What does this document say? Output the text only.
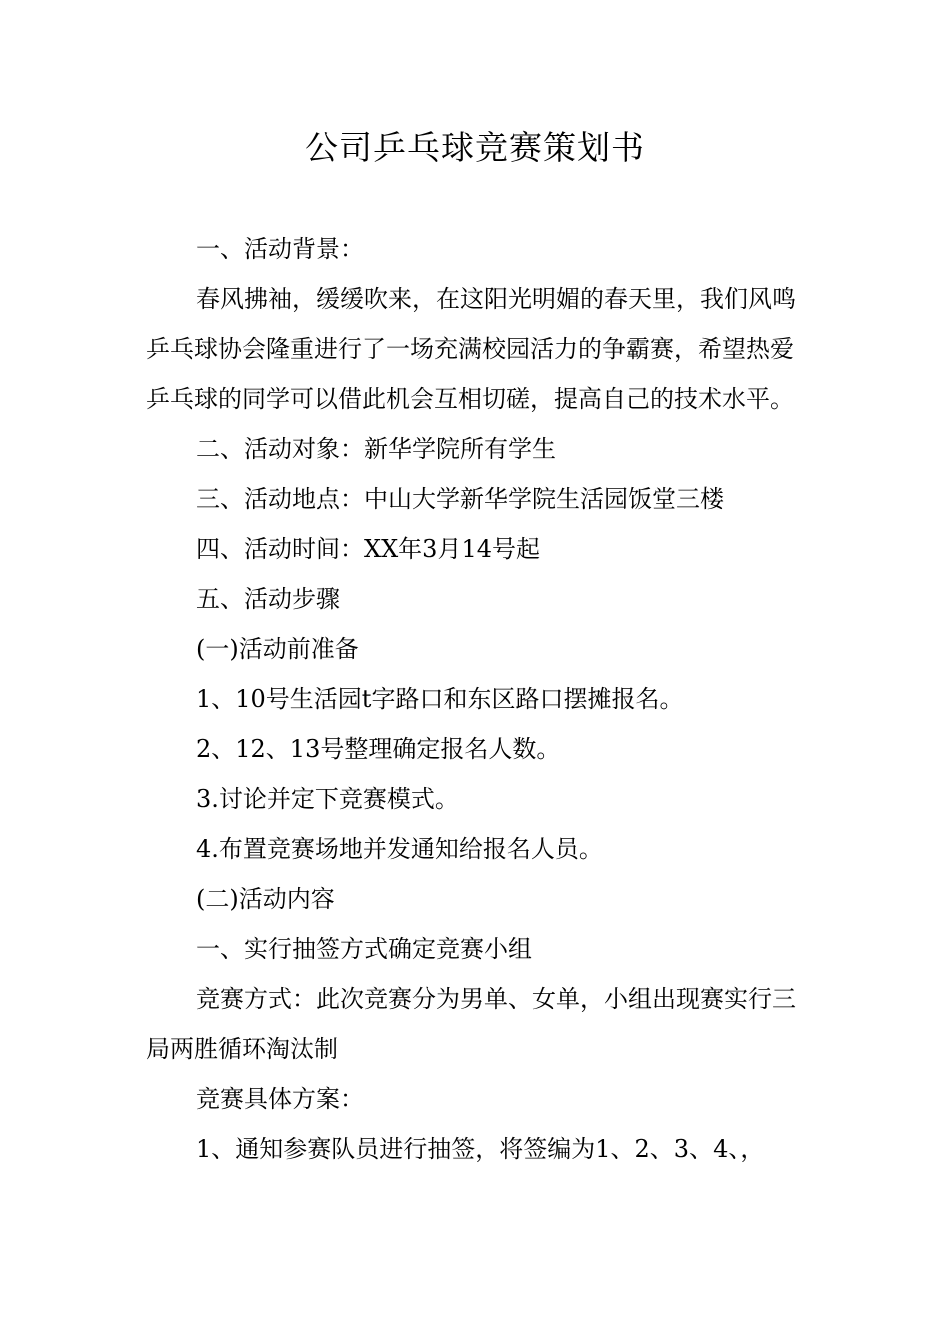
公司乒乓球竞赛策划书

一、活动背景：

春风拂袖，缓缓吹来，在这阳光明媚的春天里，我们风鸣乒乓球协会隆重进行了一场充满校园活力的争霸赛，希望热爱乒乓球的同学可以借此机会互相切磋，提高自己的技术水平。

二、活动对象：新华学院所有学生

三、活动地点：中山大学新华学院生活园饭堂三楼

四、活动时间：XX年3月14号起

五、活动步骤

(一)活动前准备

1、10号生活园t字路口和东区路口摆摊报名。

2、12、13号整理确定报名人数。

3.讨论并定下竞赛模式。

4.布置竞赛场地并发通知给报名人员。

(二)活动内容

一、实行抽签方式确定竞赛小组

竞赛方式：此次竞赛分为男单、女单，小组出现赛实行三局两胜循环淘汰制

竞赛具体方案：

1、通知参赛队员进行抽签，将签编为1、2、3、4、，
